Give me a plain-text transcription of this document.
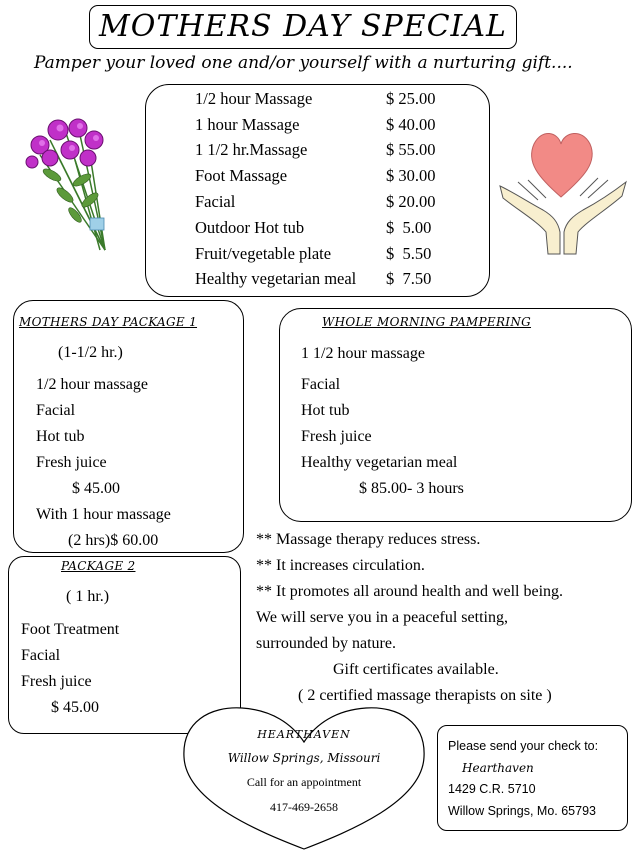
MOTHERS DAY SPECIAL
Pamper your loved one and/or yourself with a nurturing gift....
1/2 hour Massage	$ 25.00
1 hour Massage	$ 40.00
1 1/2 hr.Massage	$ 55.00
Foot Massage	$ 30.00
Facial	$ 20.00
Outdoor Hot tub	$  5.00
Fruit/vegetable plate	$  5.50
Healthy vegetarian meal	$  7.50
MOTHERS DAY PACKAGE 1
(1-1/2 hr.)
1/2 hour massage
Facial
Hot tub
Fresh juice
$ 45.00
With 1 hour massage
(2 hrs)$ 60.00
WHOLE MORNING PAMPERING
1 1/2 hour massage
Facial
Hot tub
Fresh juice
Healthy vegetarian meal
$ 85.00- 3 hours
PACKAGE 2
( 1 hr.)
Foot Treatment
Facial
Fresh juice
$ 45.00
** Massage therapy reduces stress.
** It increases circulation.
** It promotes all around health and well being.
We will serve you in a peaceful setting,
surrounded by nature.
Gift certificates available.
( 2 certified massage therapists on site )
HEARTHAVEN
Willow Springs, Missouri
Call for an appointment
417-469-2658
Please send your check to:
Hearthaven
1429 C.R. 5710
Willow Springs, Mo. 65793
